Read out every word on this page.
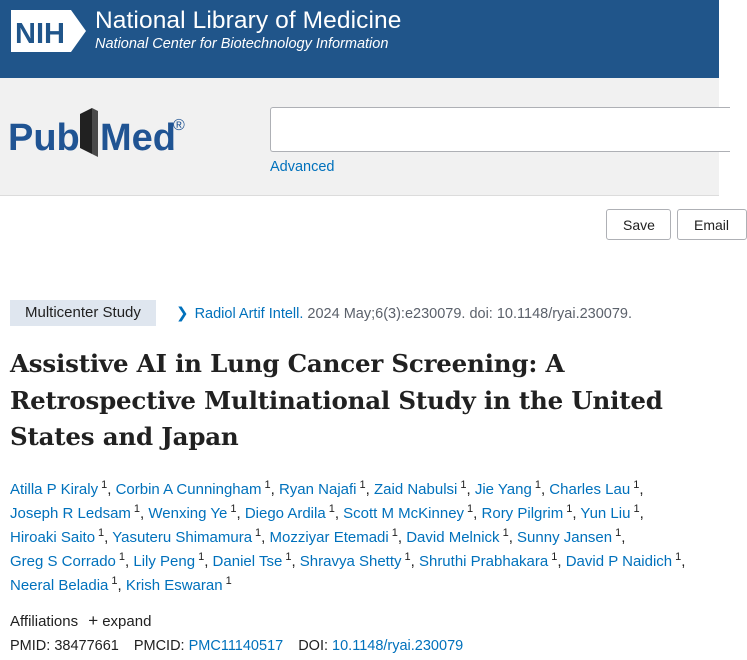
NIH National Library of Medicine
National Center for Biotechnology Information
Pub Med
®
Advanced
Save	Email
Multicenter Study	❯ Radiol Artif Intell. 2024 May;6(3):e230079. doi: 10.1148/ryai.230079.
Assistive AI in Lung Cancer Screening: A Retrospective Multinational Study in the United States and Japan
Atilla P Kiraly $^1$, Corbin A Cunningham $^1$, Ryan Najafi $^1$, Zaid Nabulsi $^1$, Jie Yang $^1$, Charles Lau $^1$, Joseph R Ledsam $^1$, Wenxing Ye $^1$, Diego Ardila $^1$, Scott M McKinney $^1$, Rory Pilgrim $^1$, Yun Liu $^1$, Hiroaki Saito $^1$, Yasuteru Shimamura $^1$, Mozziyar Etemadi $^1$, David Melnick $^1$, Sunny Jansen $^1$, Greg S Corrado $^1$, Lily Peng $^1$, Daniel Tse $^1$, Shravya Shetty $^1$, Shruthi Prabhakara $^1$, David P Naidich $^1$, Neeral Beladia $^1$, Krish Eswaran $^1$
Affiliations + expand
PMID: 38477661 PMCID: PMC11140517 DOI: 10.1148/ryai.230079
